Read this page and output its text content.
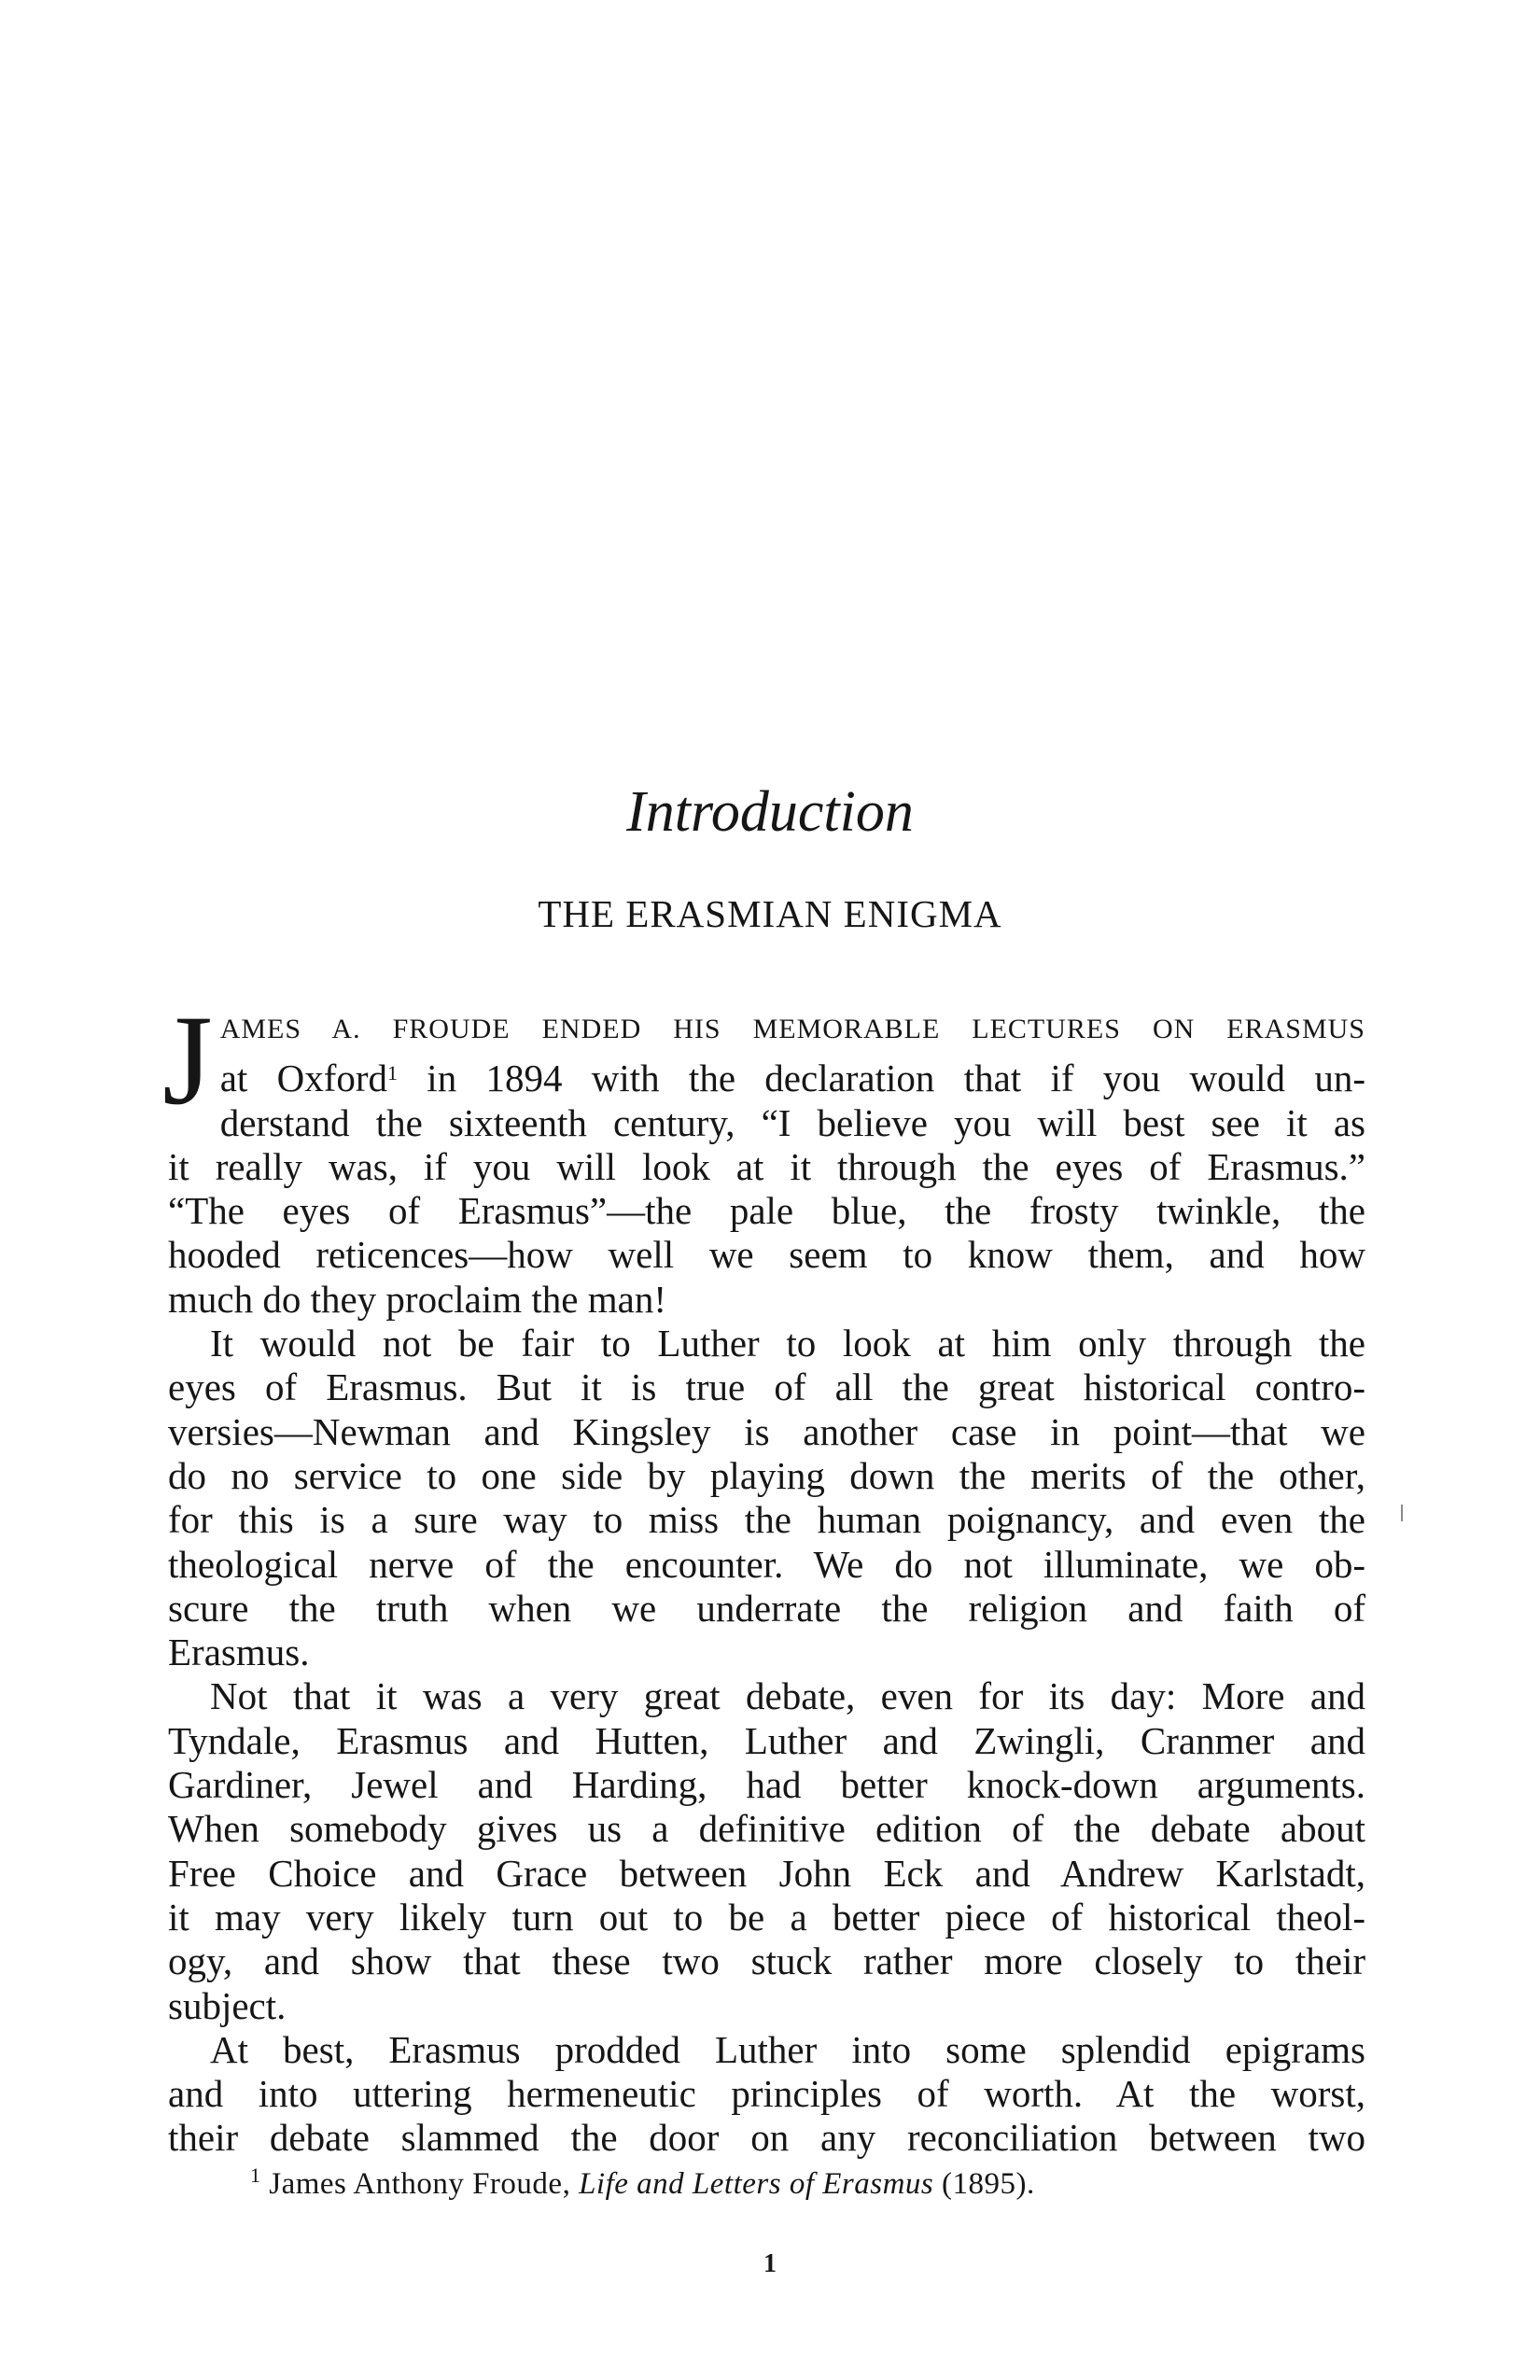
Introduction
THE ERASMIAN ENIGMA
J AMES A. FROUDE ENDED HIS MEMORABLE LECTURES ON ERASMUS

at Oxford$^1$ in 1894 with the declaration that if you would un-

derstand the sixteenth century, “I believe you will best see it as

it really was, if you will look at it through the eyes of Erasmus.”

“The eyes of Erasmus”—the pale blue, the frosty twinkle, the

hooded reticences—how well we seem to know them, and how

much do they proclaim the man!

It would not be fair to Luther to look at him only through the

eyes of Erasmus. But it is true of all the great historical contro-

versies—Newman and Kingsley is another case in point—that we

do no service to one side by playing down the merits of the other,

for this is a sure way to miss the human poignancy, and even the

theological nerve of the encounter. We do not illuminate, we ob-

scure the truth when we underrate the religion and faith of

Erasmus.

Not that it was a very great debate, even for its day: More and

Tyndale, Erasmus and Hutten, Luther and Zwingli, Cranmer and

Gardiner, Jewel and Harding, had better knock-down arguments.

When somebody gives us a definitive edition of the debate about

Free Choice and Grace between John Eck and Andrew Karlstadt,

it may very likely turn out to be a better piece of historical theol-

ogy, and show that these two stuck rather more closely to their

subject.

At best, Erasmus prodded Luther into some splendid epigrams

and into uttering hermeneutic principles of worth. At the worst,

their debate slammed the door on any reconciliation between two

$^1$ James Anthony Froude, Life and Letters of Erasmus (1895).
1
